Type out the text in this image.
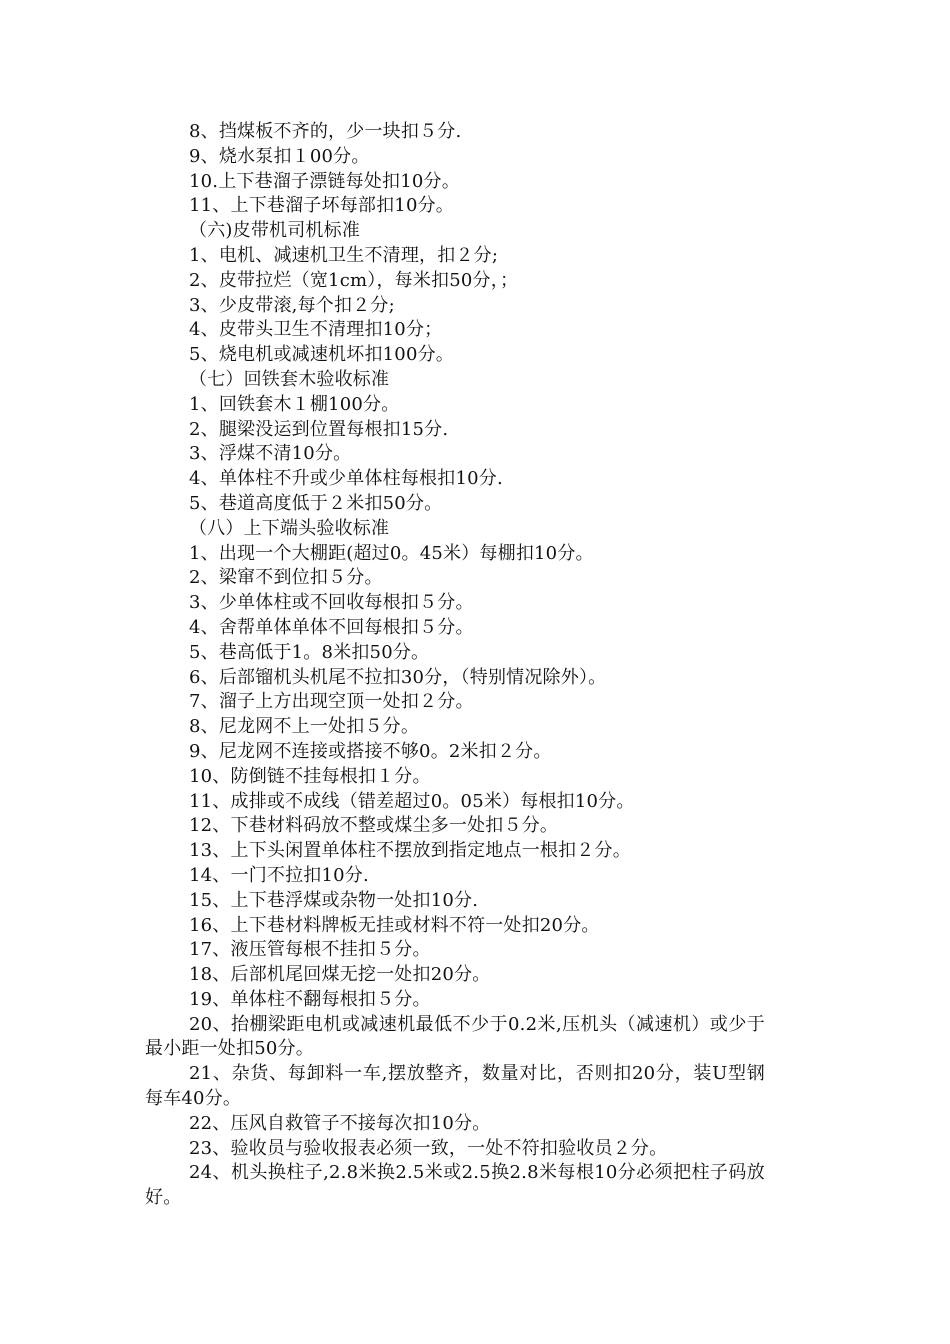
8、挡煤板不齐的，少一块扣５分.
9、烧水泵扣１00分。
10.上下巷溜子漂链每处扣10分。
11、上下巷溜子坏每部扣10分。
（六)皮带机司机标准
1、电机、减速机卫生不清理，扣２分;
2、皮带拉烂（宽1cm），每米扣50分，；
3、少皮带滚,每个扣２分;
4、皮带头卫生不清理扣10分；
5、烧电机或减速机坏扣100分。
（七）回铁套木验收标准
1、回铁套木１棚100分。
2、腿梁没运到位置每根扣15分.
3、浮煤不清10分。
4、单体柱不升或少单体柱每根扣10分.
5、巷道高度低于２米扣50分。
（八）上下端头验收标准
1、出现一个大棚距(超过0。45米）每棚扣10分。
2、梁窜不到位扣５分。
3、少单体柱或不回收每根扣５分。
4、舍帮单体单体不回每根扣５分。
5、巷高低于1。8米扣50分。
6、后部镏机头机尾不拉扣30分，（特别情况除外）。
7、溜子上方出现空顶一处扣２分。
8、尼龙网不上一处扣５分。
9、尼龙网不连接或搭接不够0。2米扣２分。
10、防倒链不挂每根扣１分。
11、成排或不成线（错差超过0。05米）每根扣10分。
12、下巷材料码放不整或煤尘多一处扣５分。
13、上下头闲置单体柱不摆放到指定地点一根扣２分。
14、一门不拉扣10分.
15、上下巷浮煤或杂物一处扣10分.
16、上下巷材料牌板无挂或材料不符一处扣20分。
17、液压管每根不挂扣５分。
18、后部机尾回煤无挖一处扣20分。
19、单体柱不翻每根扣５分。
20、抬棚梁距电机或减速机最低不少于0.2米,压机头（减速机）或少于最小距一处扣50分。
21、杂货、每卸料一车,摆放整齐，数量对比，否则扣20分，装U型钢每车40分。
22、压风自救管子不接每次扣10分。
23、验收员与验收报表必须一致，一处不符扣验收员２分。
24、机头换柱子,2.8米换2.5米或2.5换2.8米每根10分必须把柱子码放好。
